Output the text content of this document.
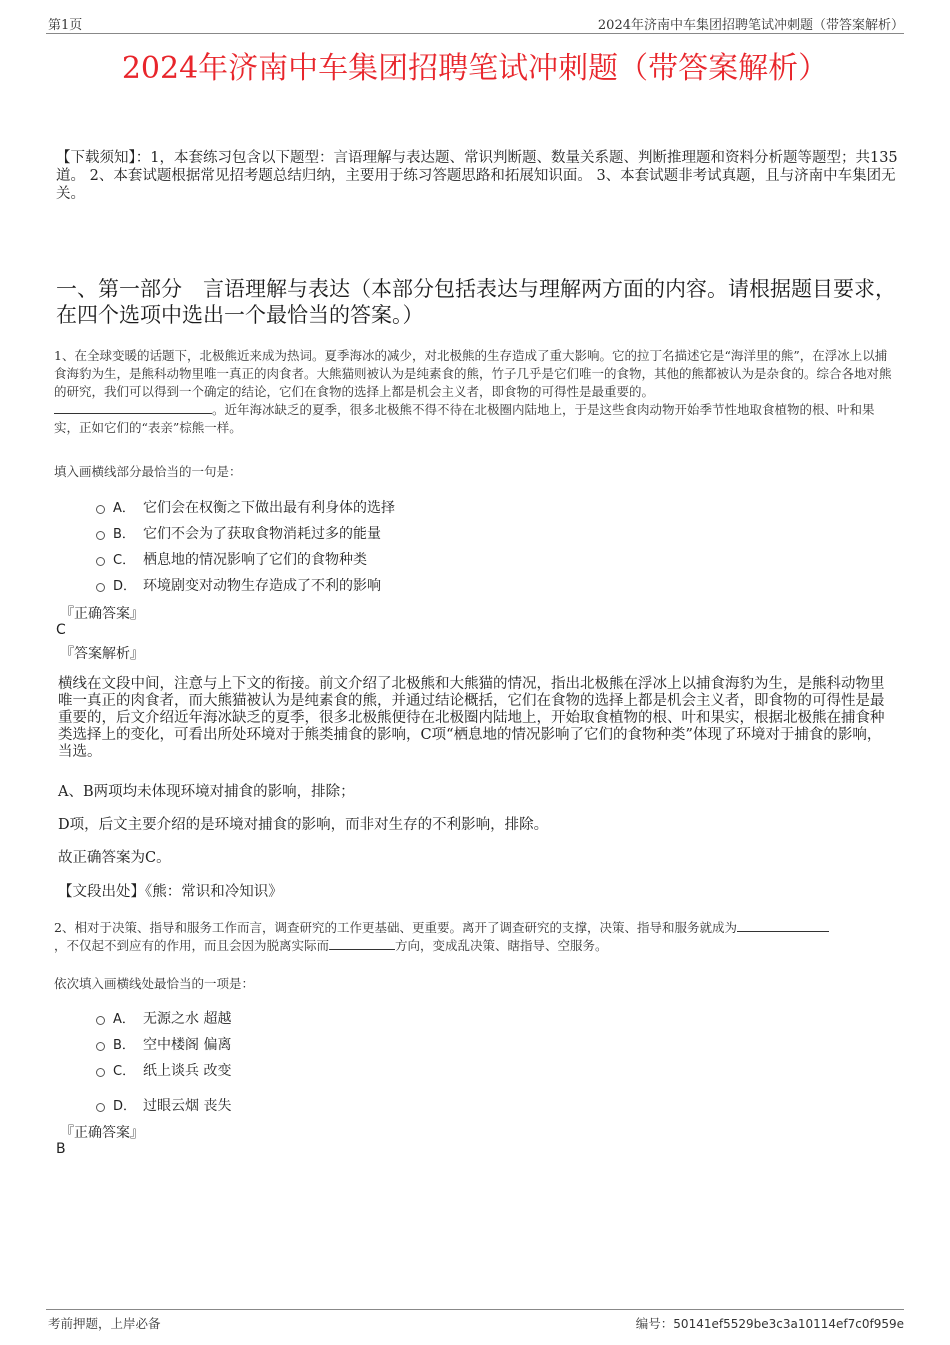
第1页	2024年济南中车集团招聘笔试冲刺题（带答案解析）
2024年济南中车集团招聘笔试冲刺题（带答案解析）
【下载须知】：1，本套练习包含以下题型：言语理解与表达题、常识判断题、数量关系题、判断推理题和资料分析题等题型；共135道。 2、本套试题根据常见招考题总结归纳，主要用于练习答题思路和拓展知识面。 3、本套试题非考试真题，且与济南中车集团无关。
一、第一部分　言语理解与表达（本部分包括表达与理解两方面的内容。请根据题目要求，在四个选项中选出一个最恰当的答案。）
1、在全球变暖的话题下，北极熊近来成为热词。夏季海冰的减少，对北极熊的生存造成了重大影响。它的拉丁名描述它是“海洋里的熊”，在浮冰上以捕食海豹为生，是熊科动物里唯一真正的肉食者。大熊猫则被认为是纯素食的熊，竹子几乎是它们唯一的食物，其他的熊都被认为是杂食的。综合各地对熊的研究，我们可以得到一个确定的结论，它们在食物的选择上都是机会主义者，即食物的可得性是最重要的。
。近年海冰缺乏的夏季，很多北极熊不得不待在北极圈内陆地上，于是这些食肉动物开始季节性地取食植物的根、叶和果实，正如它们的“表亲”棕熊一样。
填入画横线部分最恰当的一句是：
A． 它们会在权衡之下做出最有利身体的选择
B． 它们不会为了获取食物消耗过多的能量
C． 栖息地的情况影响了它们的食物种类
D． 环境剧变对动物生存造成了不利的影响
『正确答案』
C
『答案解析』
横线在文段中间，注意与上下文的衔接。前文介绍了北极熊和大熊猫的情况，指出北极熊在浮冰上以捕食海豹为生，是熊科动物里唯一真正的肉食者，而大熊猫被认为是纯素食的熊，并通过结论概括，它们在食物的选择上都是机会主义者，即食物的可得性是最重要的，后文介绍近年海冰缺乏的夏季，很多北极熊便待在北极圈内陆地上，开始取食植物的根、叶和果实，根据北极熊在捕食种类选择上的变化，可看出所处环境对于熊类捕食的影响，C项“栖息地的情况影响了它们的食物种类”体现了环境对于捕食的影响，当选。
A、B两项均未体现环境对捕食的影响，排除；
D项，后文主要介绍的是环境对捕食的影响，而非对生存的不利影响，排除。
故正确答案为C。
【文段出处】《熊：常识和冷知识》
2、相对于决策、指导和服务工作而言，调查研究的工作更基础、更重要。离开了调查研究的支撑，决策、指导和服务就成为
，不仅起不到应有的作用，而且会因为脱离实际而	方向，变成乱决策、瞎指导、空服务。
依次填入画横线处最恰当的一项是：
A． 无源之水 超越
B． 空中楼阁 偏离
C． 纸上谈兵 改变
D． 过眼云烟 丧失
『正确答案』
B
考前押题，上岸必备	编号：50141ef5529be3c3a10114ef7c0f959e
